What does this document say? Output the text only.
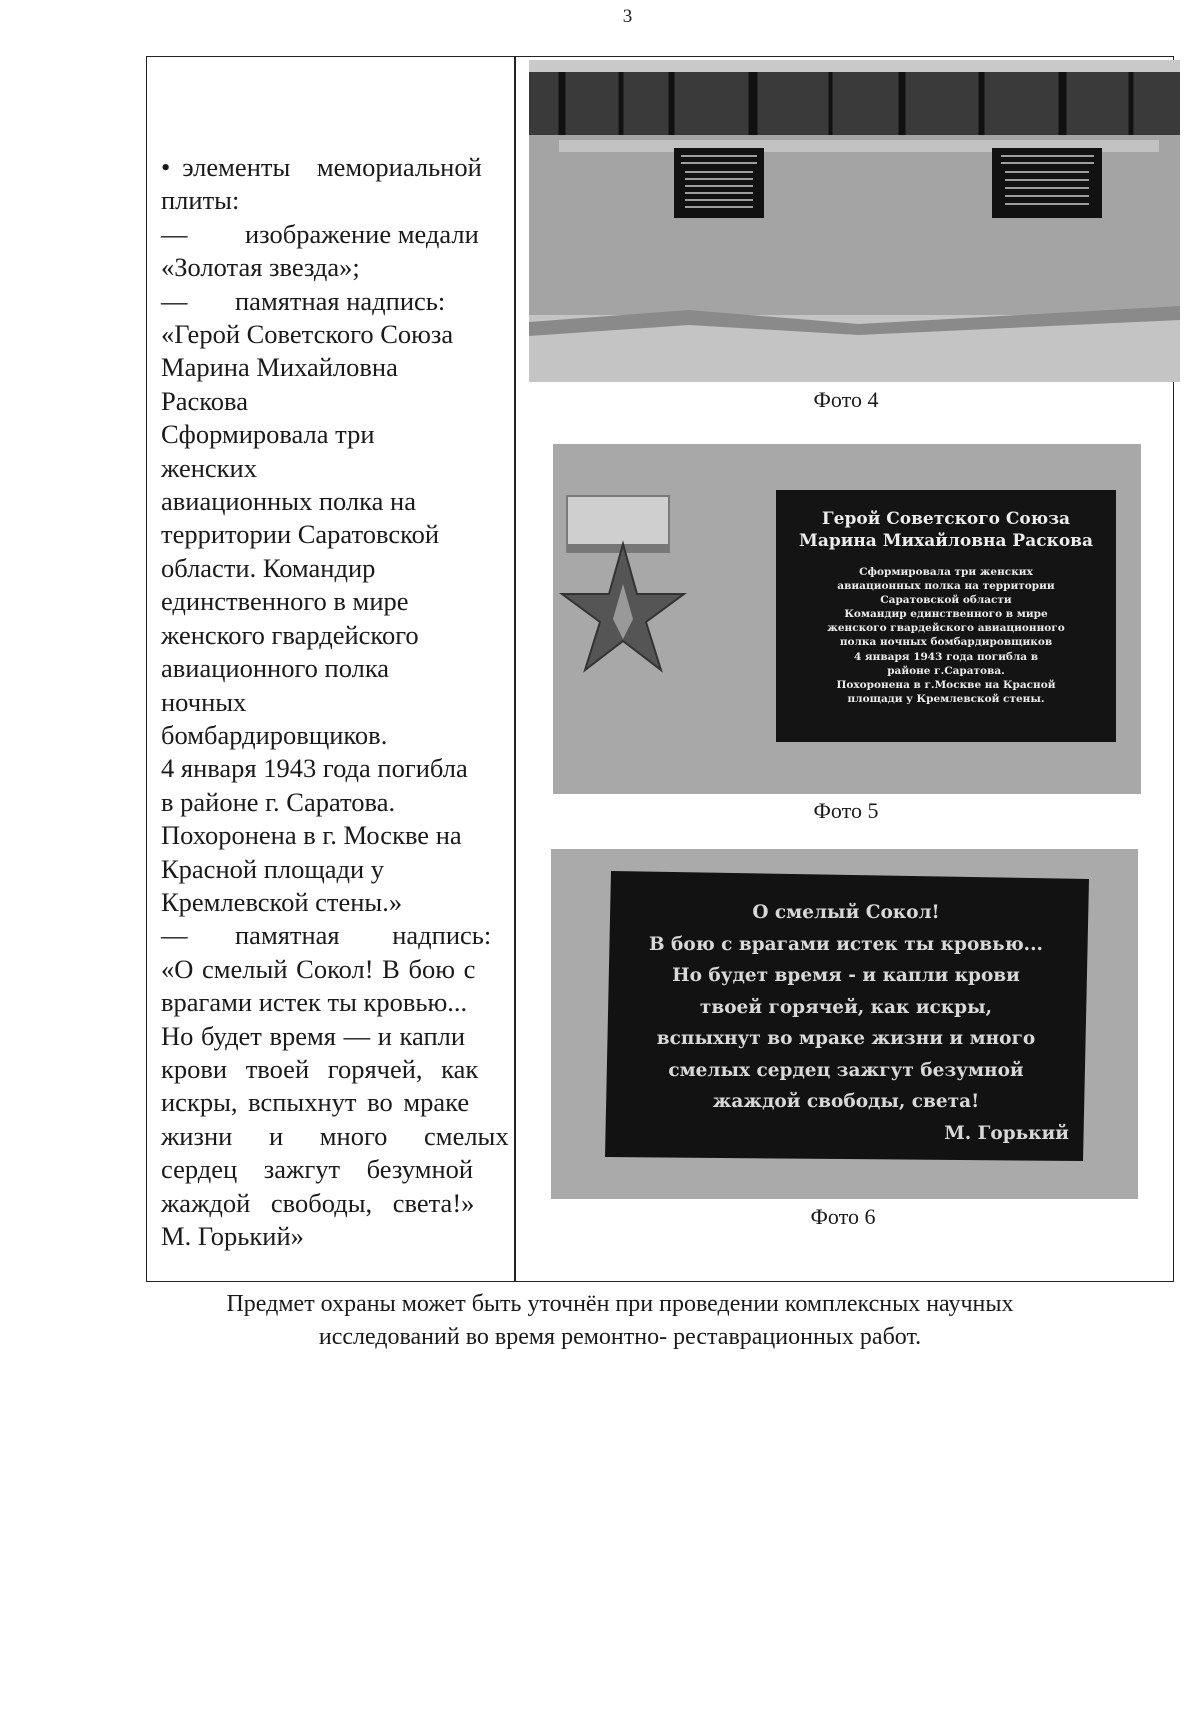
3
• элементы мемориальной
плиты:
—	изображение медали
«Золотая звезда»;
—	памятная надпись:
«Герой Советского Союза
Марина Михайловна
Раскова
Сформировала три
женских
авиационных полка на
территории Саратовской
области. Командир
единственного в мире
женского гвардейского
авиационного полка
ночных
бомбардировщиков.
4 января 1943 года погибла
в районе г. Саратова.
Похоронена в г. Москве на
Красной площади у
Кремлевской стены.»
—	памятная надпись:
«О смелый Сокол! В бою с
врагами истек ты кровью...
Но будет время — и капли
крови твоей горячей, как
искры, вспыхнут во мраке
жизни и много смелых
сердец зажгут безумной
жаждой свободы, света!»
М. Горький»
Фото 4
Герой Советского Союза
Марина Михайловна Раскова
Сформировала три женских
авиационных полка на территории
Саратовской области
Командир единственного в мире
женского гвардейского авиационного
полка ночных бомбардировщиков
4 января 1943 года погибла в
районе г.Саратова.
Похоронена в г.Москве на Красной
площади у Кремлевской стены.
Фото 5
О смелый Сокол!
В бою с врагами истек ты кровью...
Но будет время - и капли крови
твоей горячей, как искры,
вспыхнут во мраке жизни и много
смелых сердец зажгут безумной
жаждой свободы, света!
М. Горький
Фото 6
Предмет охраны может быть уточнён при проведении комплексных научных
исследований во время ремонтно- реставрационных работ.
